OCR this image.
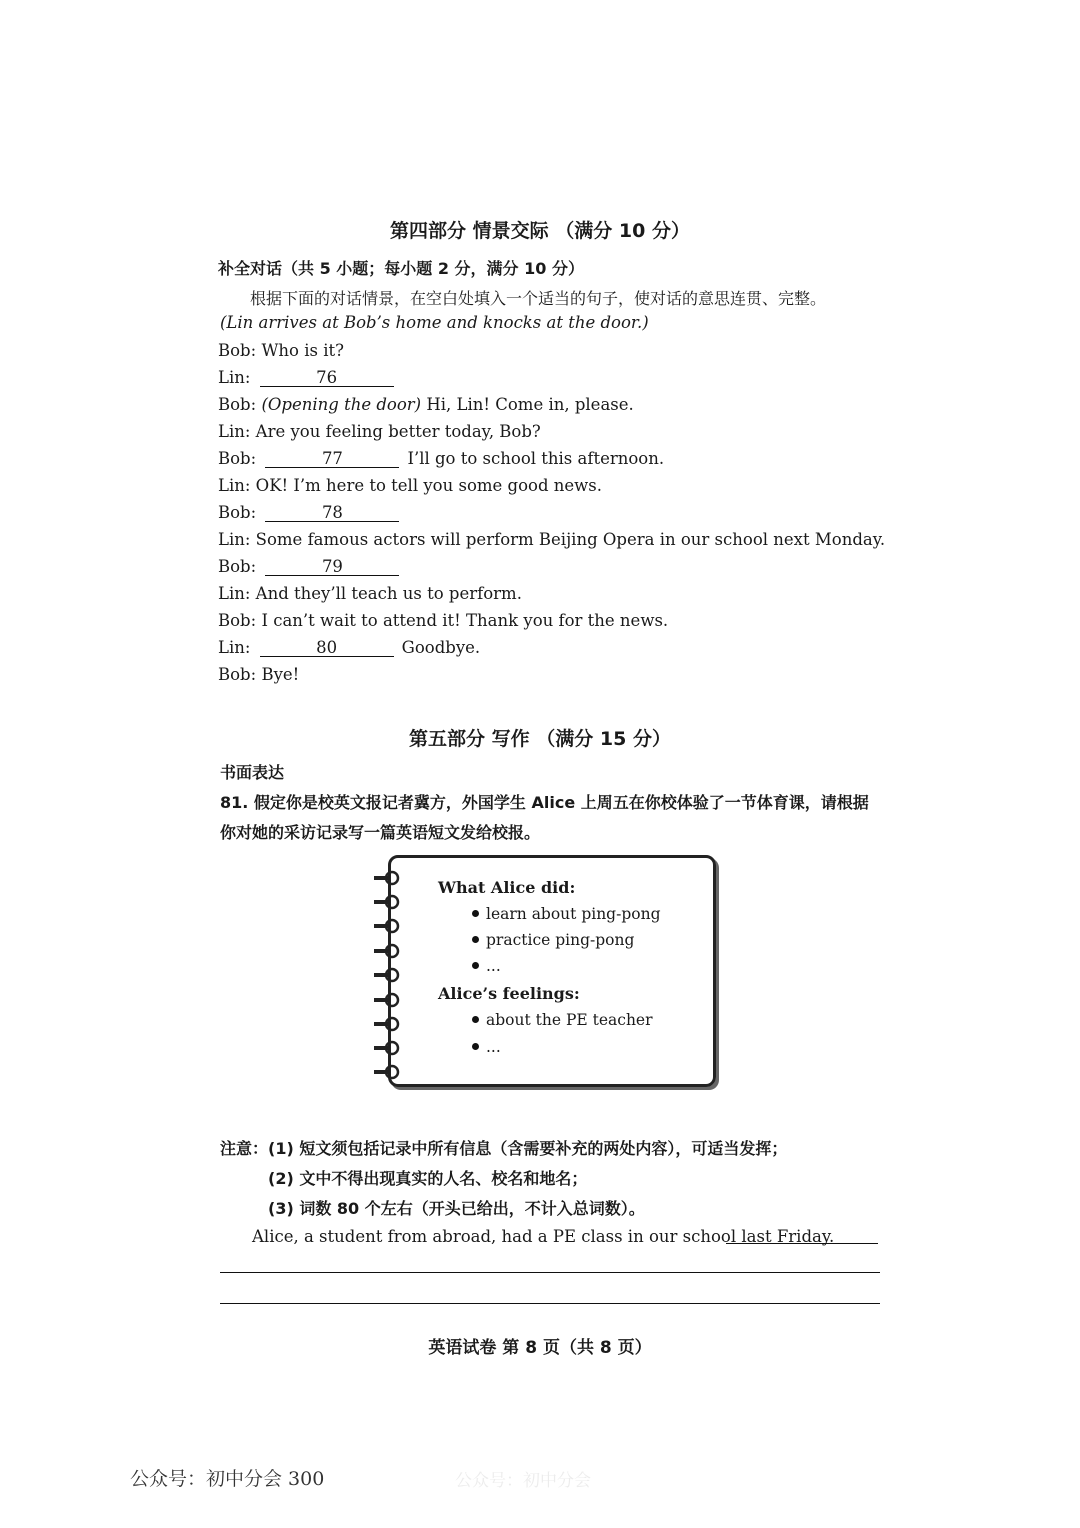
第四部分 情景交际 （满分 10 分）
补全对话（共 5 小题；每小题 2 分，满分 10 分）
根据下面的对话情景，在空白处填入一个适当的句子，使对话的意思连贯、完整。
(Lin arrives at Bob’s home and knocks at the door.)
Bob: Who is it?
Lin:	76
Bob: (Opening the door) Hi, Lin! Come in, please.
Lin: Are you feeling better today, Bob?
Bob:	77	I’ll go to school this afternoon.
Lin: OK! I’m here to tell you some good news.
Bob:	78
Lin: Some famous actors will perform Beijing Opera in our school next Monday.
Bob:	79
Lin: And they’ll teach us to perform.
Bob: I can’t wait to attend it! Thank you for the news.
Lin:	80	Goodbye.
Bob: Bye!
第五部分 写作 （满分 15 分）
书面表达
81. 假定你是校英文报记者冀方，外国学生 Alice 上周五在你校体验了一节体育课，请根据
你对她的采访记录写一篇英语短文发给校报。
What Alice did:
learn about ping-pong
practice ping-pong
...
Alice’s feelings:
about the PE teacher
...
注意：(1) 短文须包括记录中所有信息（含需要补充的两处内容），可适当发挥；
(2) 文中不得出现真实的人名、校名和地名；
(3) 词数 80 个左右（开头已给出，不计入总词数）。
Alice, a student from abroad, had a PE class in our school last Friday.
英语试卷 第 8 页（共 8 页）
公众号：初中分会 300	公众号：初中分会
